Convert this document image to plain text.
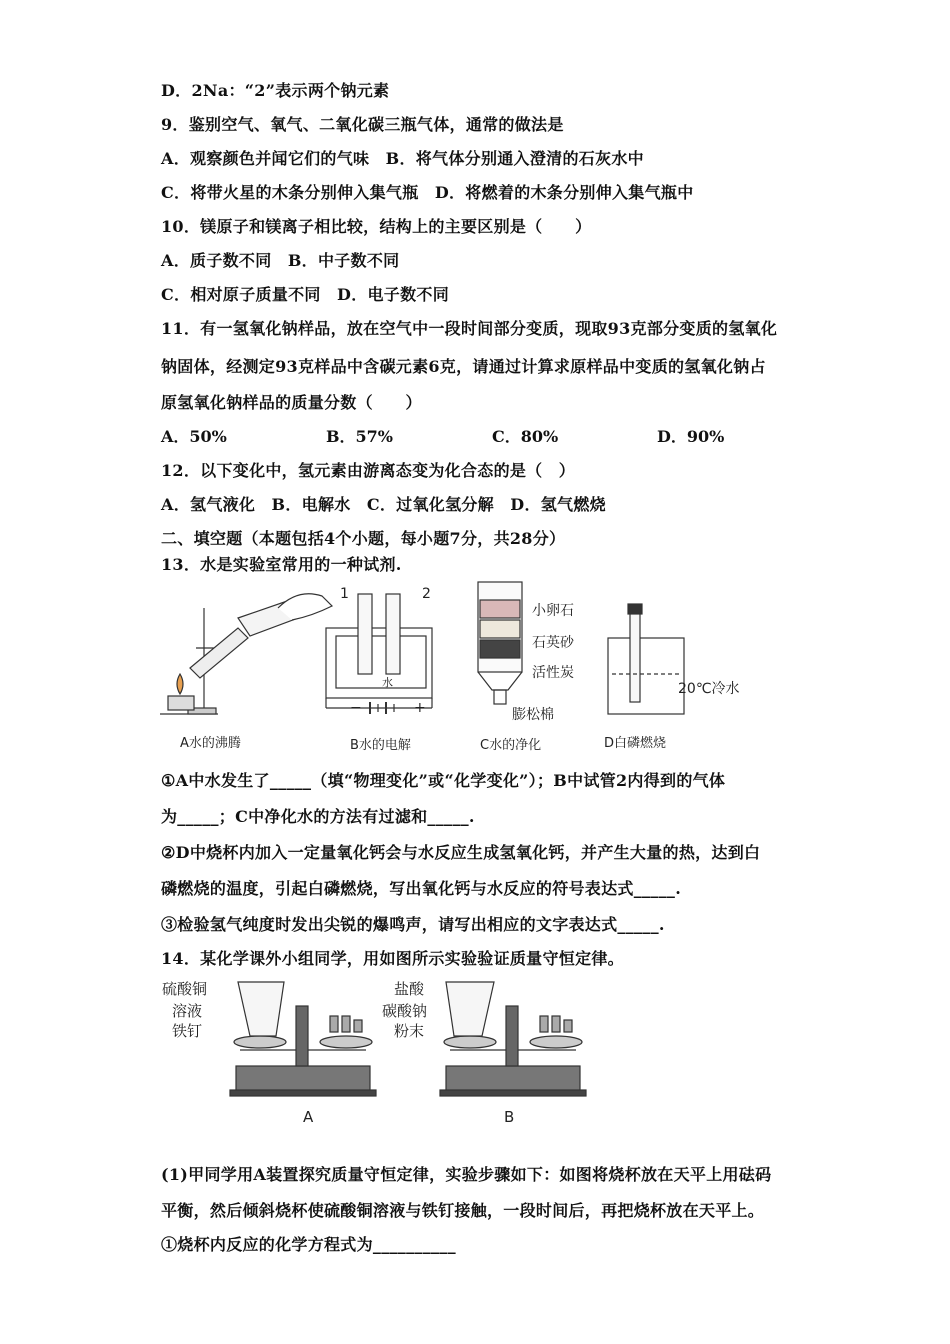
D．2Na：“2”表示两个钠元素
9．鉴别空气、氧气、二氧化碳三瓶气体，通常的做法是
A．观察颜色并闻它们的气味　B．将气体分别通入澄清的石灰水中
C．将带火星的木条分别伸入集气瓶　D．将燃着的木条分别伸入集气瓶中
10．镁原子和镁离子相比较，结构上的主要区别是（　　）
A．质子数不同　B．中子数不同
C．相对原子质量不同　D．电子数不同
11．有一氢氧化钠样品，放在空气中一段时间部分变质，现取93克部分变质的氢氧化
钠固体，经测定93克样品中含碳元素6克，请通过计算求原样品中变质的氢氧化钠占
原氢氧化钠样品的质量分数（　　）
A．50%	B．57%	C．80%	D．90%
12．以下变化中，氢元素由游离态变为化合态的是（　）
A．氢气液化　B．电解水　C．过氧化氢分解　D．氢气燃烧
二、填空题（本题包括4个小题，每小题7分，共28分）
13．水是实验室常用的一种试剂.
1	2
水
−	+
小卵石
石英砂
活性炭
膨松棉
20℃冷水
A水的沸腾	B水的电解	C水的净化	D白磷燃烧
①A中水发生了_____（填“物理变化”或“化学变化”）；B中试管2内得到的气体
为_____；C中净化水的方法有过滤和_____.
②D中烧杯内加入一定量氧化钙会与水反应生成氢氧化钙，并产生大量的热，达到白
磷燃烧的温度，引起白磷燃烧，写出氧化钙与水反应的符号表达式_____.
③检验氢气纯度时发出尖锐的爆鸣声，请写出相应的文字表达式_____.
14．某化学课外小组同学，用如图所示实验验证质量守恒定律。
硫酸铜
溶液
铁钉
盐酸
碳酸钠
粉末
A	B
(1)甲同学用A装置探究质量守恒定律，实验步骤如下：如图将烧杯放在天平上用砝码
平衡，然后倾斜烧杯使硫酸铜溶液与铁钉接触，一段时间后，再把烧杯放在天平上。
①烧杯内反应的化学方程式为__________
